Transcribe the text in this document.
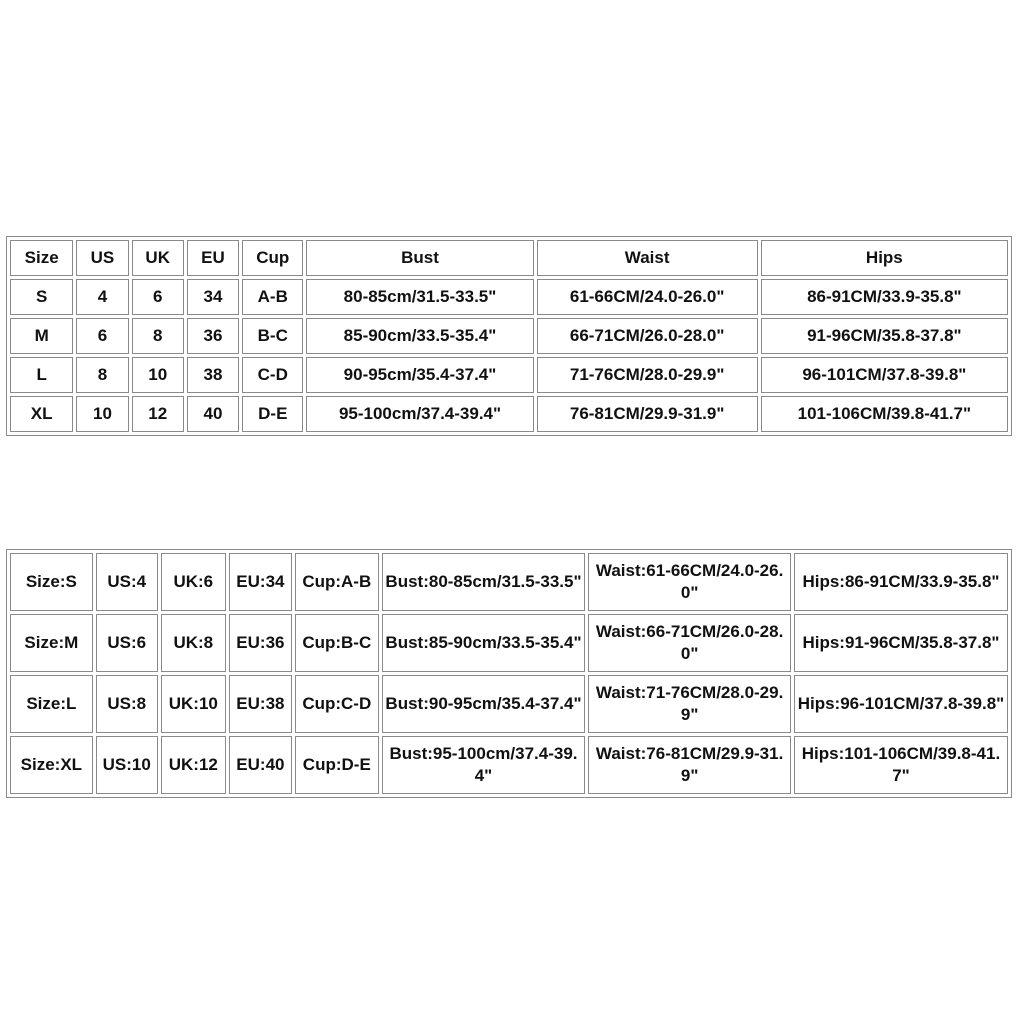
Size	US	UK	EU	Cup	Bust	Waist	Hips
S	4	6	34	A-B	80-85cm/31.5-33.5"	61-66CM/24.0-26.0"	86-91CM/33.9-35.8"
M	6	8	36	B-C	85-90cm/33.5-35.4"	66-71CM/26.0-28.0"	91-96CM/35.8-37.8"
L	8	10	38	C-D	90-95cm/35.4-37.4"	71-76CM/28.0-29.9"	96-101CM/37.8-39.8"
XL	10	12	40	D-E	95-100cm/37.4-39.4"	76-81CM/29.9-31.9"	101-106CM/39.8-41.7"
Size:S	US:4	UK:6	EU:34	Cup:A-B	Bust:80-85cm/31.5-33.5"	Waist:61-66CM/24.0-26.0"	Hips:86-91CM/33.9-35.8"
Size:M	US:6	UK:8	EU:36	Cup:B-C	Bust:85-90cm/33.5-35.4"	Waist:66-71CM/26.0-28.0"	Hips:91-96CM/35.8-37.8"
Size:L	US:8	UK:10	EU:38	Cup:C-D	Bust:90-95cm/35.4-37.4"	Waist:71-76CM/28.0-29.9"	Hips:96-101CM/37.8-39.8"
Size:XL	US:10	UK:12	EU:40	Cup:D-E	Bust:95-100cm/37.4-39.4"	Waist:76-81CM/29.9-31.9"	Hips:101-106CM/39.8-41.7"
